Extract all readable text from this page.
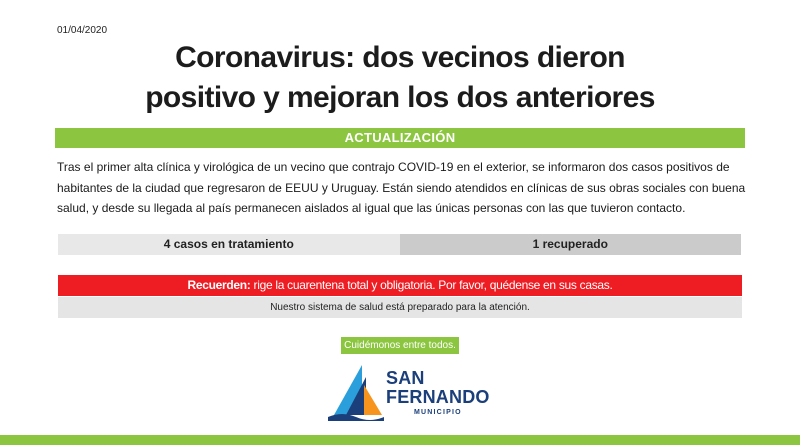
01/04/2020
Coronavirus: dos vecinos dieron
positivo y mejoran los dos anteriores
ACTUALIZACIÓN
Tras el primer alta clínica y virológica de un vecino que contrajo COVID-19 en el exterior, se informaron dos casos positivos de habitantes de la ciudad que regresaron de EEUU y Uruguay. Están siendo atendidos en clínicas de sus obras sociales con buena salud, y desde su llegada al país permanecen aislados al igual que las únicas personas con las que tuvieron contacto.
4 casos en tratamiento	1 recuperado
Recuerden: rige la cuarentena total y obligatoria. Por favor, quédense en sus casas.
Nuestro sistema de salud está preparado para la atención.
Cuidémonos entre todos.
SAN
FERNANDO
MUNICIPIO
